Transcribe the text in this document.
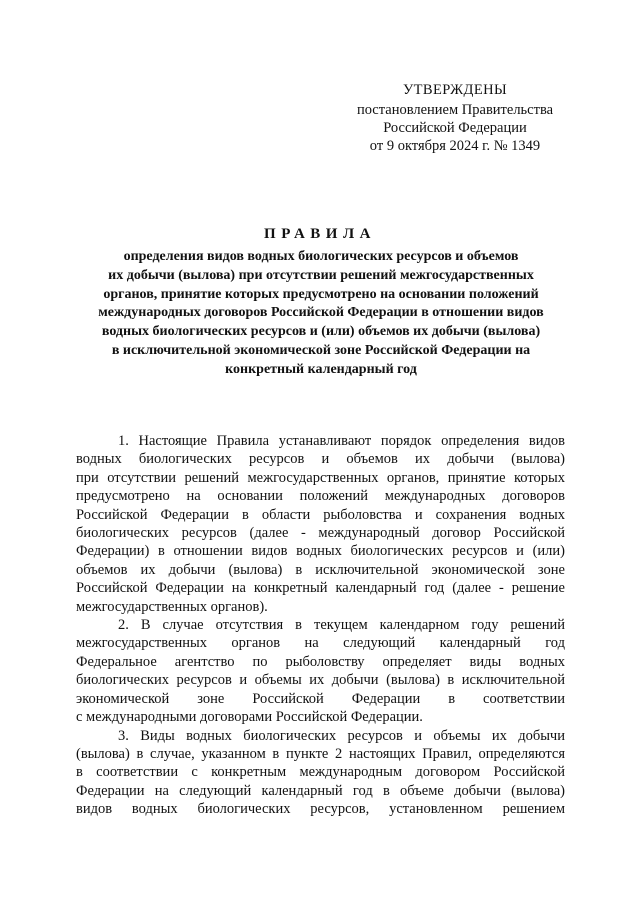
УТВЕРЖДЕНЫ
постановлением Правительства
Российской Федерации
от 9 октября 2024 г. № 1349
ПРАВИЛА
определения видов водных биологических ресурсов и объемов
их добычи (вылова) при отсутствии решений межгосударственных
органов, принятие которых предусмотрено на основании положений
международных договоров Российской Федерации в отношении видов
водных биологических ресурсов и (или) объемов их добычи (вылова)
в исключительной экономической зоне Российской Федерации на
конкретный календарный год
1. Настоящие Правила устанавливают порядок определения видов
водных биологических ресурсов и объемов их добычи (вылова)
при отсутствии решений межгосударственных органов, принятие которых
предусмотрено на основании положений международных договоров
Российской Федерации в области рыболовства и сохранения водных
биологических ресурсов (далее - международный договор Российской
Федерации) в отношении видов водных биологических ресурсов и (или)
объемов их добычи (вылова) в исключительной экономической зоне
Российской Федерации на конкретный календарный год (далее - решение
межгосударственных органов).
2. В случае отсутствия в текущем календарном году решений
межгосударственных органов на следующий календарный год
Федеральное агентство по рыболовству определяет виды водных
биологических ресурсов и объемы их добычи (вылова) в исключительной
экономической зоне Российской Федерации в соответствии
с международными договорами Российской Федерации.
3. Виды водных биологических ресурсов и объемы их добычи
(вылова) в случае, указанном в пункте 2 настоящих Правил, определяются
в соответствии с конкретным международным договором Российской
Федерации на следующий календарный год в объеме добычи (вылова)
видов водных биологических ресурсов, установленном решением
